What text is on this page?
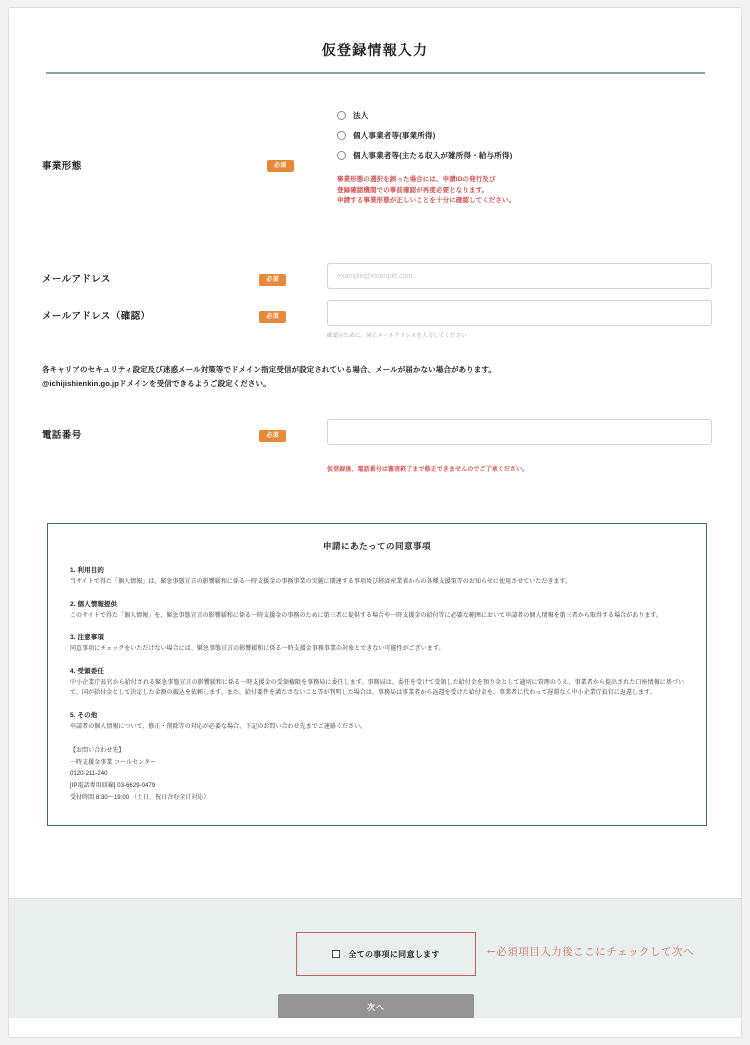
仮登録情報入力
事業形態	必須
法人
個人事業者等(事業所得)
個人事業者等(主たる収入が雑所得・給与所得)
事業形態の選択を誤った場合には、申請IDの発行及び
登録確認機関での事前確認が再度必要となります。
申請する事業形態が正しいことを十分に確認してください。
メールアドレス	必須
example@example.com
メールアドレス（確認）	必須
確認のために、同じメールアドレスを入力してください
各キャリアのセキュリティ設定及び迷惑メール対策等でドメイン指定受信が設定されている場合、メールが届かない場合があります。
@ichijishienkin.go.jpドメインを受信できるようご設定ください。
電話番号	必須
仮登録後、電話番号は審査終了まで修正できませんのでご了承ください。
申請にあたっての同意事項
1. 利用目的
当サイトで得た「個人情報」は、緊急事態宣言の影響緩和に係る一時支援金の事務事業の実施に関連する事項及び経済産業省からの各種支援策等のお知らせに使用させていただきます。
2. 個人情報提供
このサイトで得た「個人情報」を、緊急事態宣言の影響緩和に係る一時支援金の事務のために第三者に提供する場合や一時支援金の給付等に必要な範囲において申請者の個人情報を第三者から取得する場合があります。
3. 注意事項
同意事項にチェックをいただけない場合には、緊急事態宣言の影響緩和に係る一時支援金事務事業の対象とできない可能性がございます。
4. 受領委任
中小企業庁長官から給付される緊急事態宣言の影響緩和に係る一時支援金の受領権限を事務局に委任します。事務局は、委任を受けて受領した給付金を預り金として適切に管理のうえ、事業者から提出された口座情報に基づいて、国が給付金として決定した金額の振込を依頼します。また、給付要件を満たさないこと等が判明した場合は、事務局は事業者から返還を受けた給付金を、事業者に代わって遅滞なく中小企業庁長官に返還します。
5. その他
申請者の個人情報について、修正・削除等の対応が必要な場合、下記のお問い合わせ先までご連絡ください。
【お問い合わせ先】
一時支援金事業 コールセンター
0120-211-240
[IP電話専用回線] 03-6629-0479
受付時間 8:30〜19:00 （土日、祝日含む全日対応）
全ての事項に同意します	←必須項目入力後ここにチェックして次へ
次へ
